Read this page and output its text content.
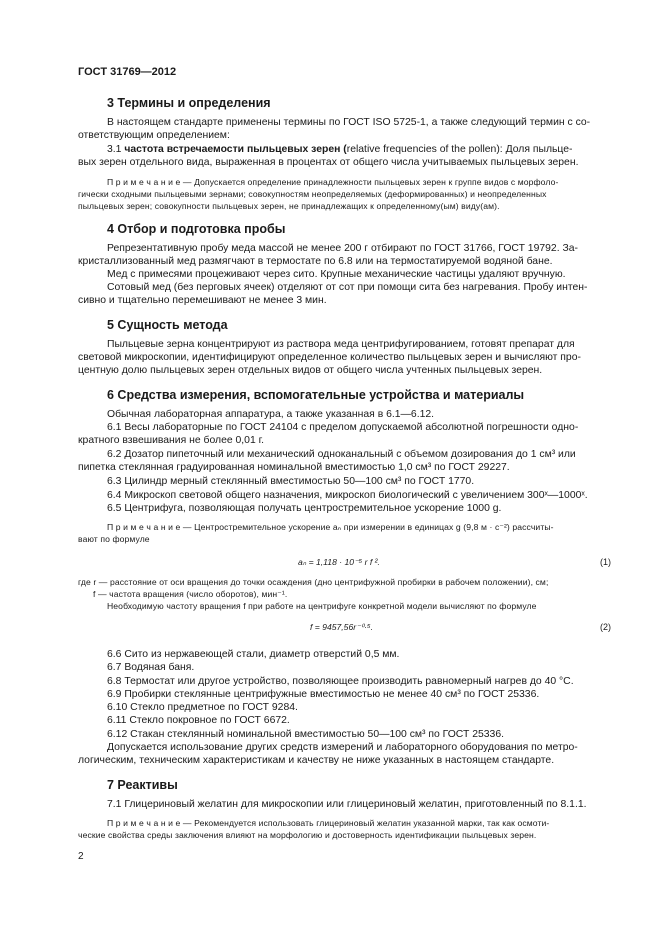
ГОСТ 31769—2012
3 Термины и определения
В настоящем стандарте применены термины по ГОСТ ISO 5725-1, а также следующий термин с со-
ответствующим определением:
3.1 частота встречаемости пыльцевых зерен (relative frequencies of the pollen): Доля пыльце-
вых зерен отдельного вида, выраженная в процентах от общего числа учитываемых пыльцевых зерен.
П р и м е ч а н и е — Допускается определение принадлежности пыльцевых зерен к группе видов с морфоло-
гически сходными пыльцевыми зернами; совокупностям неопределяемых (деформированных) и неопределенных
пыльцевых зерен; совокупности пыльцевых зерен, не принадлежащих к определенному(ым) виду(ам).
4 Отбор и подготовка пробы
Репрезентативную пробу меда массой не менее 200 г отбирают по ГОСТ 31766, ГОСТ 19792. За-
кристаллизованный мед размягчают в термостате по 6.8 или на термостатируемой водяной бане.
Мед с примесями процеживают через сито. Крупные механические частицы удаляют вручную.
Сотовый мед (без перговых ячеек) отделяют от сот при помощи сита без нагревания. Пробу интен-
сивно и тщательно перемешивают не менее 3 мин.
5 Сущность метода
Пыльцевые зерна концентрируют из раствора меда центрифугированием, готовят препарат для
световой микроскопии, идентифицируют определенное количество пыльцевых зерен и вычисляют про-
центную долю пыльцевых зерен отдельных видов от общего числа учтенных пыльцевых зерен.
6 Средства измерения, вспомогательные устройства и материалы
Обычная лабораторная аппаратура, а также указанная в 6.1—6.12.
6.1 Весы лабораторные по ГОСТ 24104 с пределом допускаемой абсолютной погрешности одно-
кратного взвешивания не более 0,01 г.
6.2 Дозатор пипеточный или механический одноканальный с объемом дозирования до 1 см³ или
пипетка стеклянная градуированная номинальной вместимостью 1,0 см³ по ГОСТ 29227.
6.3 Цилиндр мерный стеклянный вместимостью 50—100 см³ по ГОСТ 1770.
6.4 Микроскоп световой общего назначения, микроскоп биологический с увеличением 300ˣ—1000ˣ.
6.5 Центрифуга, позволяющая получать центростремительное ускорение 1000 g.
П р и м е ч а н и е — Центростремительное ускорение aₙ при измерении в единицах g (9,8 м · с⁻²) рассчиты-
вают по формуле
aₙ = 1,118 · 10⁻⁵ r f ².	(1)
где r — расстояние от оси вращения до точки осаждения (дно центрифужной пробирки в рабочем положении), см;
f — частота вращения (число оборотов), мин⁻¹.
Необходимую частоту вращения f при работе на центрифуге конкретной модели вычисляют по формуле
f = 9457,56r⁻⁰·⁵.	(2)
6.6 Сито из нержавеющей стали, диаметр отверстий 0,5 мм.
6.7 Водяная баня.
6.8 Термостат или другое устройство, позволяющее производить равномерный нагрев до 40 °С.
6.9 Пробирки стеклянные центрифужные вместимостью не менее 40 см³ по ГОСТ 25336.
6.10 Стекло предметное по ГОСТ 9284.
6.11 Стекло покровное по ГОСТ 6672.
6.12 Стакан стеклянный номинальной вместимостью 50—100 см³ по ГОСТ 25336.
Допускается использование других средств измерений и лабораторного оборудования по метро-
логическим, техническим характеристикам и качеству не ниже указанных в настоящем стандарте.
7 Реактивы
7.1 Глицериновый желатин для микроскопии или глицериновый желатин, приготовленный по 8.1.1.
П р и м е ч а н и е — Рекомендуется использовать глицериновый желатин указанной марки, так как осмоти-
ческие свойства среды заключения влияют на морфологию и достоверность идентификации пыльцевых зерен.
2
